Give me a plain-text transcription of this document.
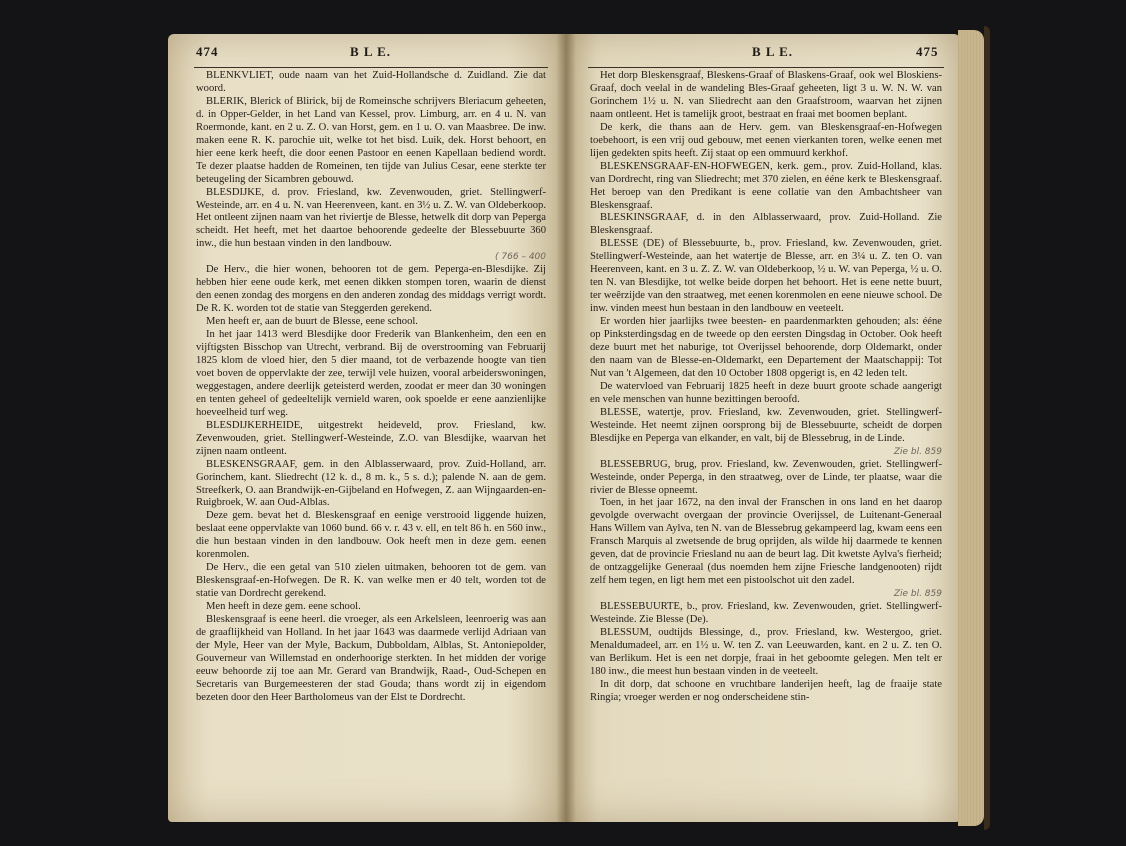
474	B L E.	B L E.	475

BLENKVLIET, oude naam van het Zuid-Hollandsche d. Zuidland. Zie dat woord.

BLERIK, Blerick of Blirick, bij de Romeinsche schrijvers Bleriacum geheeten, d. in Opper-Gelder, in het Land van Kessel, prov. Limburg, arr. en 4 u. N. van Roermonde, kant. en 2 u. Z. O. van Horst, gem. en 1 u. O. van Maasbree. De inw. maken eene R. K. parochie uit, welke tot het bisd. Luik, dek. Horst behoort, en hier eene kerk heeft, die door eenen Pastoor en eenen Kapellaan bediend wordt. Te dezer plaatse hadden de Romeinen, ten tijde van Julius Cesar, eene sterkte ter beteugeling der Sicambren gebouwd.

BLESDIJKE, d. prov. Friesland, kw. Zevenwouden, griet. Stellingwerf-Westeinde, arr. en 4 u. N. van Heerenveen, kant. en 3½ u. Z. W. van Oldeberkoop. Het ontleent zijnen naam van het riviertje de Blesse, hetwelk dit dorp van Peperga scheidt. Het heeft, met het daartoe behoorende gedeelte der Blessebuurte 360 inw., die hun bestaan vinden in den landbouw.

( 766 – 400

De Herv., die hier wonen, behooren tot de gem. Peperga-en-Blesdijke. Zij hebben hier eene oude kerk, met eenen dikken stompen toren, waarin de dienst den eenen zondag des morgens en den anderen zondag des middags verrigt wordt. De R. K. worden tot de statie van Steggerden gerekend.

Men heeft er, aan de buurt de Blesse, eene school.

In het jaar 1413 werd Blesdijke door Frederik van Blankenheim, den een en vijftigsten Bisschop van Utrecht, verbrand. Bij de overstrooming van Februarij 1825 klom de vloed hier, den 5 dier maand, tot de verbazende hoogte van tien voet boven de oppervlakte der zee, terwijl vele huizen, vooral arbeiderswoningen, weggestagen, andere deerlijk geteisterd werden, zoodat er meer dan 30 woningen en tenten geheel of gedeeltelijk vernield waren, ook spoelde er eene aanzienlijke hoeveelheid turf weg.

BLESDIJKERHEIDE, uitgestrekt heideveld, prov. Friesland, kw. Zevenwouden, griet. Stellingwerf-Westeinde, Z.O. van Blesdijke, waarvan het zijnen naam ontleent.

BLESKENSGRAAF, gem. in den Alblasserwaard, prov. Zuid-Holland, arr. Gorinchem, kant. Sliedrecht (12 k. d., 8 m. k., 5 s. d.); palende N. aan de gem. Streefkerk, O. aan Brandwijk-en-Gijbeland en Hofwegen, Z. aan Wijngaarden-en-Ruigbroek, W. aan Oud-Alblas.

Deze gem. bevat het d. Bleskensgraaf en eenige verstrooid liggende huizen, beslaat eene oppervlakte van 1060 bund. 66 v. r. 43 v. ell, en telt 86 h. en 560 inw., die hun bestaan vinden in den landbouw. Ook heeft men in deze gem. eenen korenmolen.

De Herv., die een getal van 510 zielen uitmaken, behooren tot de gem. van Bleskensgraaf-en-Hofwegen. De R. K. van welke men er 40 telt, worden tot de statie van Dordrecht gerekend.

Men heeft in deze gem. eene school.

Bleskensgraaf is eene heerl. die vroeger, als een Arkelsleen, leenroerig was aan de graaflijkheid van Holland. In het jaar 1643 was daarmede verlijd Adriaan van der Myle, Heer van der Myle, Backum, Dubboldam, Alblas, St. Antoniepolder, Gouverneur van Willemstad en onderhoorige sterkten. In het midden der vorige eeuw behoorde zij toe aan Mr. Gerard van Brandwijk, Raad-, Oud-Schepen en Secretaris van Burgemeesteren der stad Gouda; thans wordt zij in eigendom bezeten door den Heer Bartholomeus van der Elst te Dordrecht.

Het dorp Bleskensgraaf, Bleskens-Graaf of Blaskens-Graaf, ook wel Bloskiens-Graaf, doch veelal in de wandeling Bles-Graaf geheeten, ligt 3 u. W. N. W. van Gorinchem 1½ u. N. van Sliedrecht aan den Graafstroom, waarvan het zijnen naam ontleent. Het is tamelijk groot, bestraat en fraai met boomen beplant.

De kerk, die thans aan de Herv. gem. van Bleskensgraaf-en-Hofwegen toebehoort, is een vrij oud gebouw, met eenen vierkanten toren, welke eenen met lijen gedekten spits heeft. Zij staat op een ommuurd kerkhof.

BLESKENSGRAAF-EN-HOFWEGEN, kerk. gem., prov. Zuid-Holland, klas. van Dordrecht, ring van Sliedrecht; met 370 zielen, en ééne kerk te Bleskensgraaf. Het beroep van den Predikant is eene collatie van den Ambachtsheer van Bleskensgraaf.

BLESKINSGRAAF, d. in den Alblasserwaard, prov. Zuid-Holland. Zie Bleskensgraaf.

BLESSE (DE) of Blessebuurte, b., prov. Friesland, kw. Zevenwouden, griet. Stellingwerf-Westeinde, aan het watertje de Blesse, arr. en 3¼ u. Z. ten O. van Heerenveen, kant. en 3 u. Z. Z. W. van Oldeberkoop, ½ u. W. van Peperga, ½ u. O. ten N. van Blesdijke, tot welke beide dorpen het behoort. Het is eene nette buurt, ter weêrzijde van den straatweg, met eenen korenmolen en eene nieuwe school. De inw. vinden meest hun bestaan in den landbouw en veeteelt.

Er worden hier jaarlijks twee beesten- en paardenmarkten gehouden; als: ééne op Pinksterdingsdag en de tweede op den eersten Dingsdag in October. Ook heeft deze buurt met het naburige, tot Overijssel behoorende, dorp Oldemarkt, onder den naam van de Blesse-en-Oldemarkt, een Departement der Maatschappij: Tot Nut van 't Algemeen, dat den 10 October 1808 opgerigt is, en 42 leden telt.

De watervloed van Februarij 1825 heeft in deze buurt groote schade aangerigt en vele menschen van hunne bezittingen beroofd.

BLESSE, watertje, prov. Friesland, kw. Zevenwouden, griet. Stellingwerf-Westeinde. Het neemt zijnen oorsprong bij de Blessebuurte, scheidt de dorpen Blesdijke en Peperga van elkander, en valt, bij de Blessebrug, in de Linde.

Zie bl. 859

BLESSEBRUG, brug, prov. Friesland, kw. Zevenwouden, griet. Stellingwerf-Westeinde, onder Peperga, in den straatweg, over de Linde, ter plaatse, waar die rivier de Blesse opneemt.

Toen, in het jaar 1672, na den inval der Franschen in ons land en het daarop gevolgde overwacht overgaan der provincie Overijssel, de Luitenant-Generaal Hans Willem van Aylva, ten N. van de Blessebrug gekampeerd lag, kwam eens een Fransch Marquis al zwetsende de brug oprijden, als wilde hij daarmede te kennen geven, dat de provincie Friesland nu aan de beurt lag. Dit kwetste Aylva's fierheid; de ontzaggelijke Generaal (dus noemden hem zijne Friesche landgenooten) rijdt zelf hem tegen, en ligt hem met een pistoolschot uit den zadel.

Zie bl. 859

BLESSEBUURTE, b., prov. Friesland, kw. Zevenwouden, griet. Stellingwerf-Westeinde. Zie Blesse (De).

BLESSUM, oudtijds Blessinge, d., prov. Friesland, kw. Westergoo, griet. Menaldumadeel, arr. en 1½ u. W. ten Z. van Leeuwarden, kant. en 2 u. Z. ten O. van Berlikum. Het is een net dorpje, fraai in het geboomte gelegen. Men telt er 180 inw., die meest hun bestaan vinden in de veeteelt.

In dit dorp, dat schoone en vruchtbare landerijen heeft, lag de fraaije state Ringia; vroeger werden er nog onderscheidene stin-
